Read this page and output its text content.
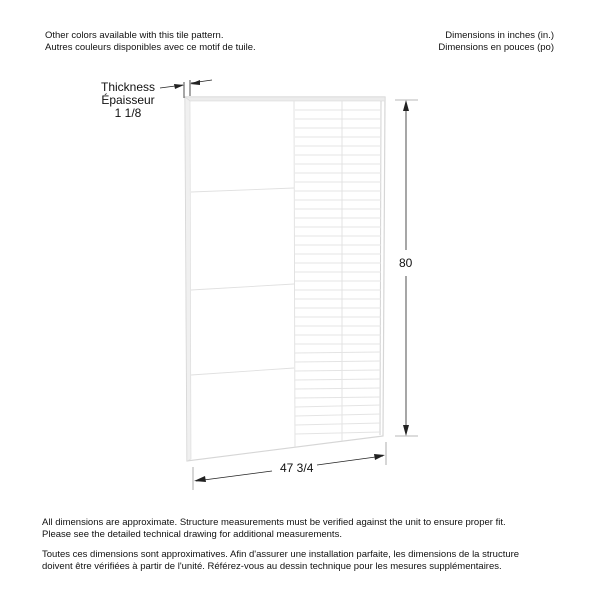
Other colors available with this tile pattern.
Autres couleurs disponibles avec ce motif de tuile.
Dimensions in inches (in.)
Dimensions en pouces (po)
Thickness
Épaisseur
1 1/8
80
47 3/4
All dimensions are approximate. Structure measurements must be verified against the unit to ensure proper fit.
Please see the detailed technical drawing for additional measurements.
Toutes ces dimensions sont approximatives. Afin d'assurer une installation parfaite, les dimensions de la structure
doivent être vérifiées à partir de l'unité. Référez-vous au dessin technique pour les mesures supplémentaires.
